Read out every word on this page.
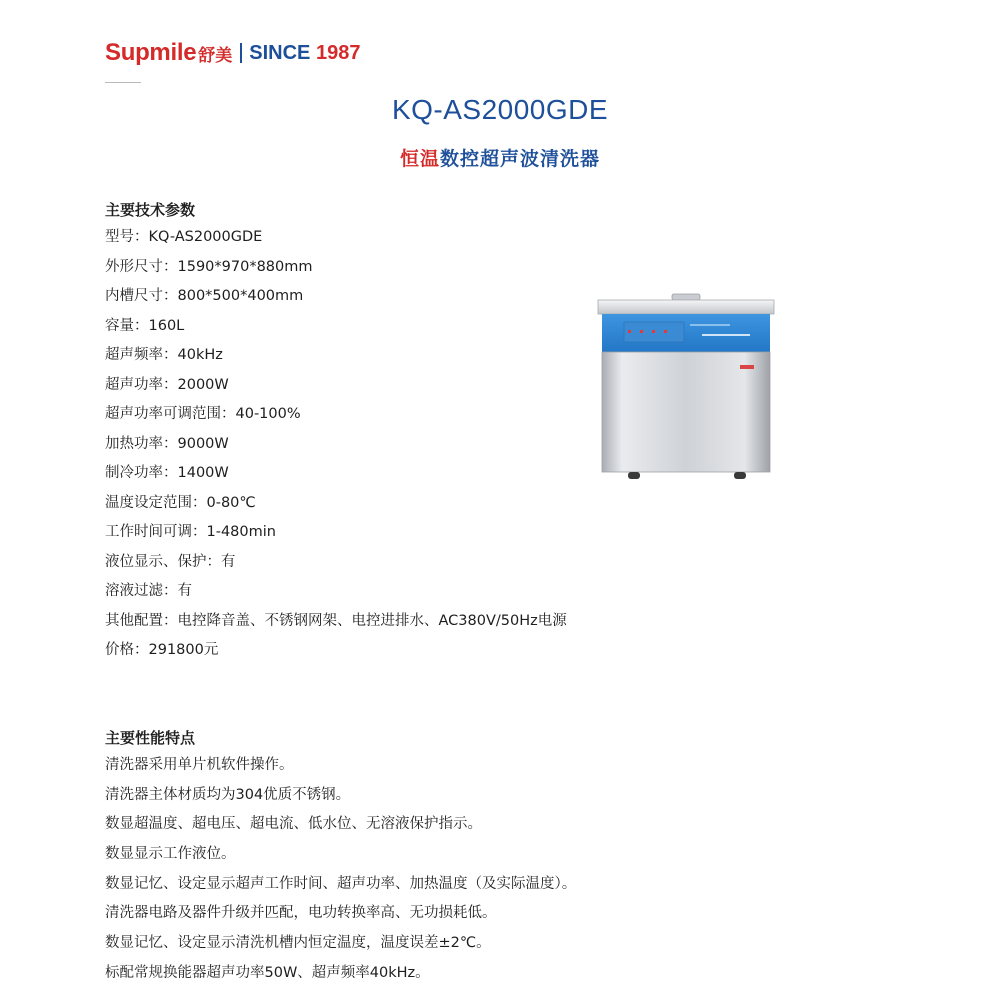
Supmile 舒美 SINCE 1987
KQ-AS2000GDE
恒温数控超声波清洗器
主要技术参数
型号：KQ-AS2000GDE
外形尺寸：1590*970*880mm
内槽尺寸：800*500*400mm
容量：160L
超声频率：40kHz
超声功率：2000W
超声功率可调范围：40-100%
加热功率：9000W
制冷功率：1400W
温度设定范围：0-80℃
工作时间可调：1-480min
液位显示、保护：有
溶液过滤：有
其他配置：电控降音盖、不锈钢网架、电控进排水、AC380V/50Hz电源
价格：291800元
主要性能特点
清洗器采用单片机软件操作。
清洗器主体材质均为304优质不锈钢。
数显超温度、超电压、超电流、低水位、无溶液保护指示。
数显显示工作液位。
数显记忆、设定显示超声工作时间、超声功率、加热温度（及实际温度）。
清洗器电路及器件升级并匹配，电功转换率高、无功损耗低。
数显记忆、设定显示清洗机槽内恒定温度，温度误差±2℃。
标配常规换能器超声功率50W、超声频率40kHz。
